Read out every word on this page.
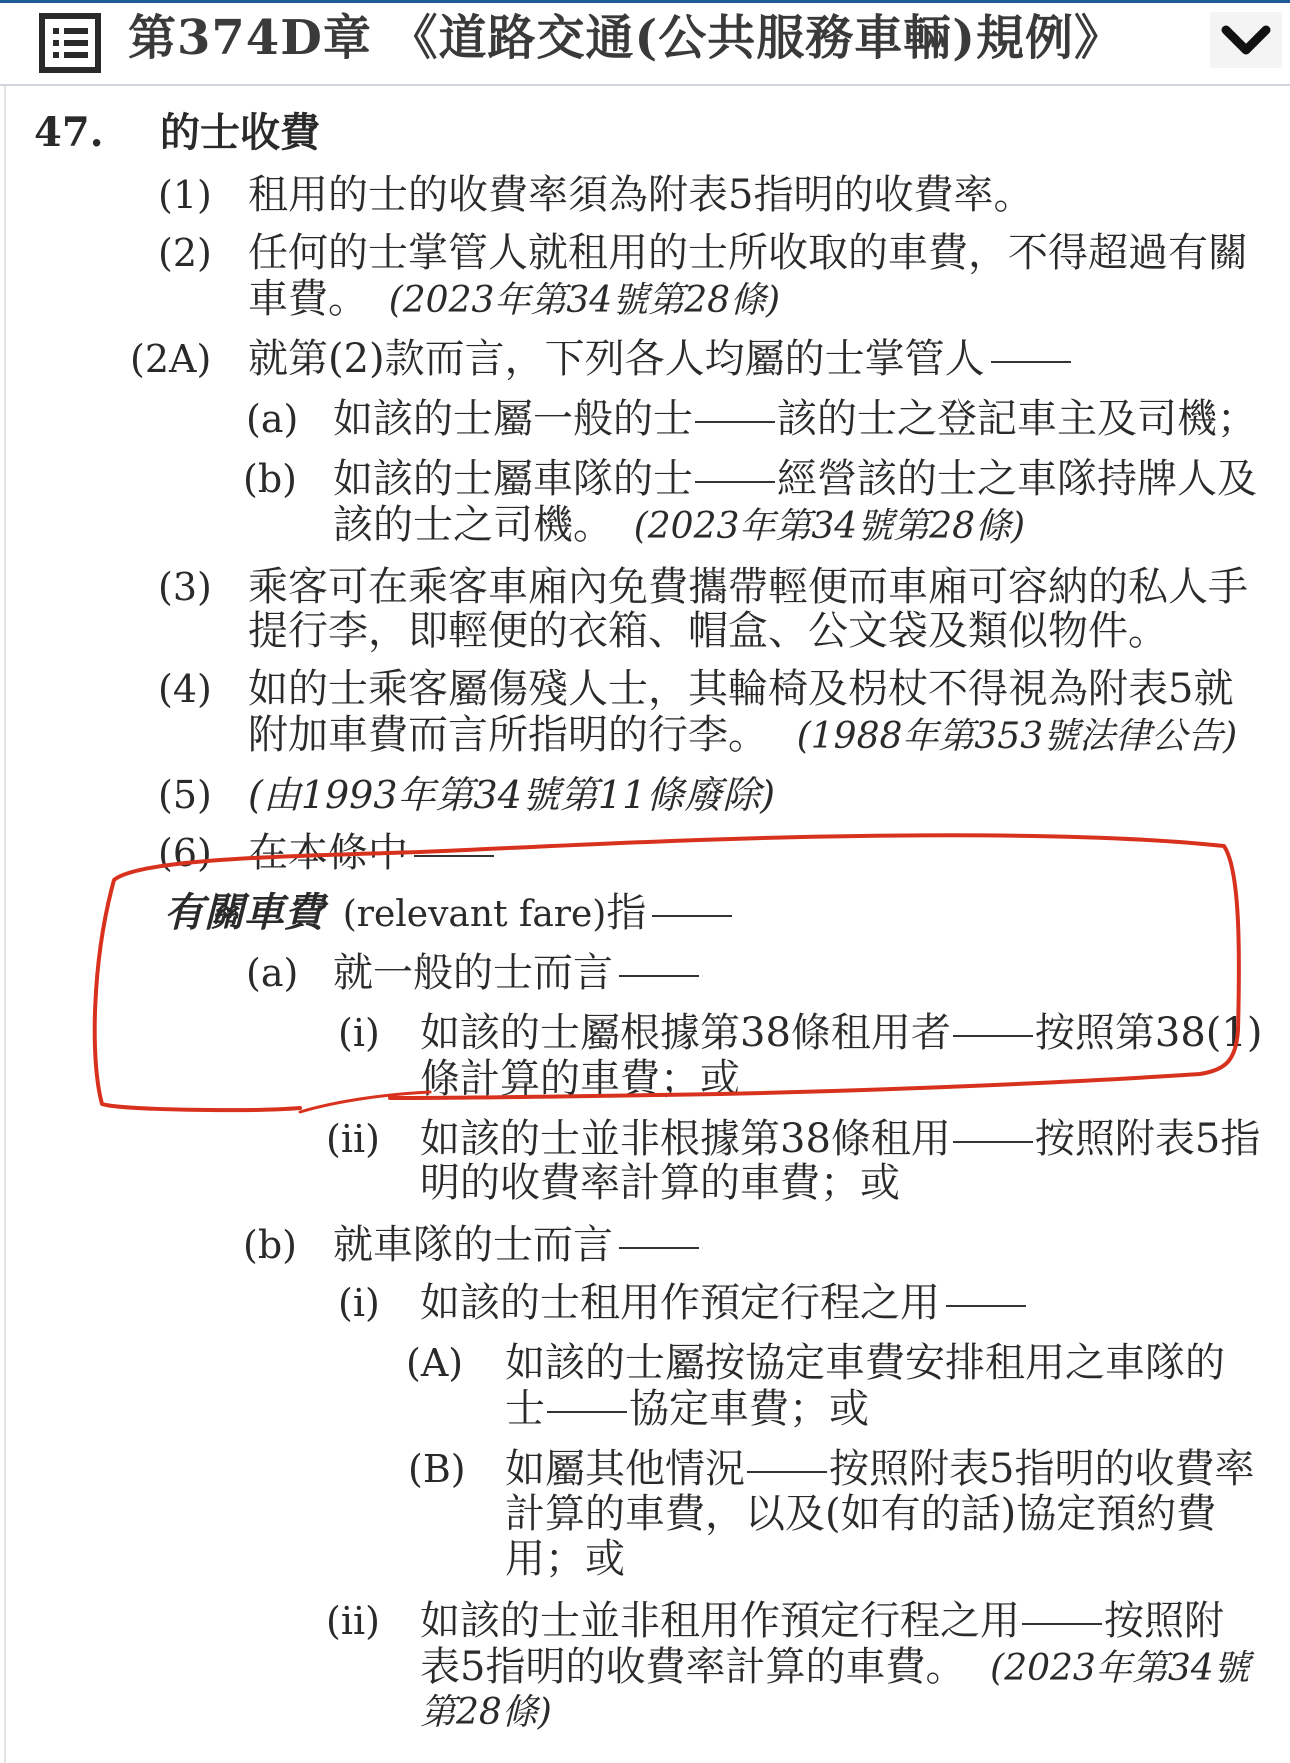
第374D章 《道路交通(公共服務車輛)規例》
47. 的士收費
(1) 租用的士的收費率須為附表5指明的收費率。
(2) 任何的士掌管人就租用的士所收取的車費，不得超過有關
車費。 (2023年第34號第28條)
(2A) 就第(2)款而言，下列各人均屬的士掌管人
(a) 如該的士屬一般的士 該的士之登記車主及司機；
(b) 如該的士屬車隊的士 經營該的士之車隊持牌人及
該的士之司機。 (2023年第34號第28條)
(3) 乘客可在乘客車廂內免費攜帶輕便而車廂可容納的私人手
提行李，即輕便的衣箱、帽盒、公文袋及類似物件。
(4) 如的士乘客屬傷殘人士，其輪椅及枴杖不得視為附表5就
附加車費而言所指明的行李。 (1988年第353號法律公告)
(5) (由1993年第34號第11條廢除)
(6) 在本條中
有關車費 (relevant fare)指
(a) 就一般的士而言
(i) 如該的士屬根據第38條租用者 按照第38(1)
條計算的車費；或
(ii) 如該的士並非根據第38條租用 按照附表5指
明的收費率計算的車費；或
(b) 就車隊的士而言
(i) 如該的士租用作預定行程之用
(A) 如該的士屬按協定車費安排租用之車隊的
士 協定車費；或
(B) 如屬其他情況 按照附表5指明的收費率
計算的車費，以及(如有的話)協定預約費
用；或
(ii) 如該的士並非租用作預定行程之用 按照附
表5指明的收費率計算的車費。 (2023年第34號
第28條)
